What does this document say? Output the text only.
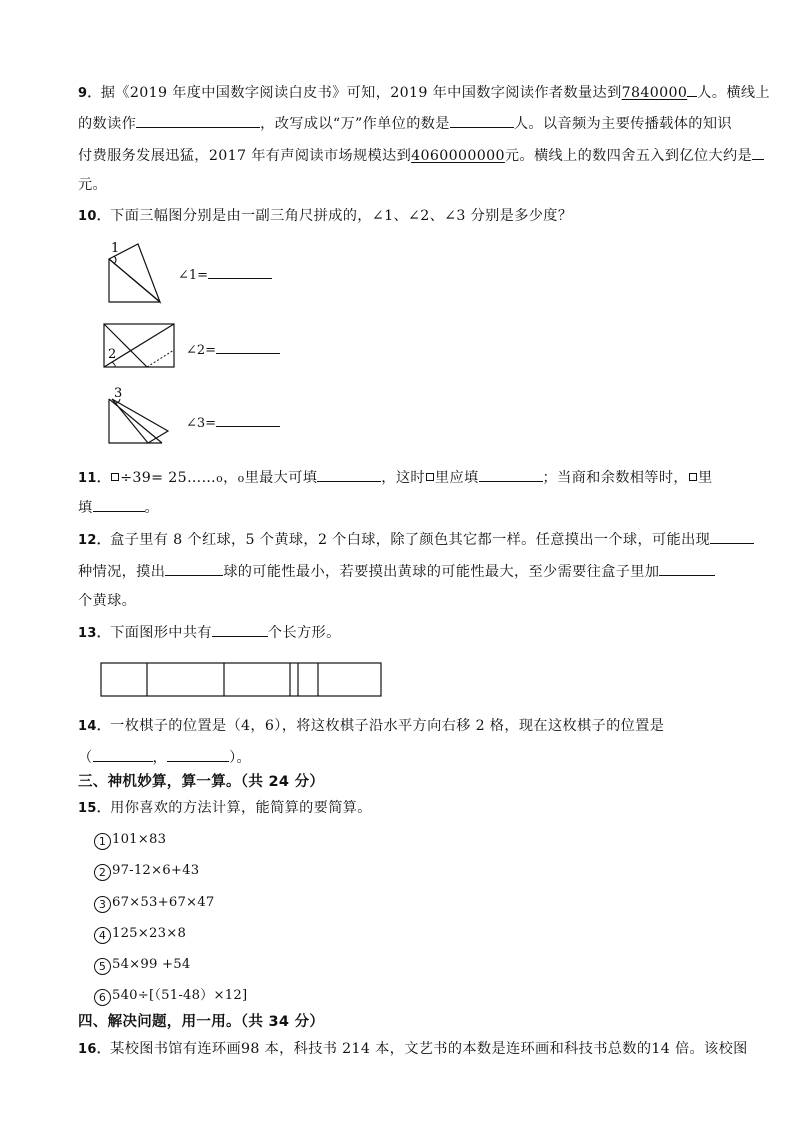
9．据《2019 年度中国数字阅读白皮书》可知，2019 年中国数字阅读作者数量达到7840000 人。横线上
的数读作	，改写成以“万”作单位的数是	人。以音频为主要传播载体的知识
付费服务发展迅猛，2017 年有声阅读市场规模达到4060000000元。横线上的数四舍五入到亿位大约是
元。
10．下面三幅图分别是由一副三角尺拼成的，∠1、∠2、∠3 分别是多少度？
1
∠1=
2	∠2=
3
∠3=
11． ÷39= 25……o，o里最大可填	，这时 里应填	；当商和余数相等时， 里
填	。
12．盒子里有 8 个红球，5 个黄球，2 个白球，除了颜色其它都一样。任意摸出一个球，可能出现
种情况，摸出	球的可能性最小，若要摸出黄球的可能性最大，至少需要往盒子里加
个黄球。
13．下面图形中共有	个长方形。
14．一枚棋子的位置是（4，6），将这枚棋子沿水平方向右移 2 格，现在这枚棋子的位置是
（	，	）。
三、神机妙算，算一算。（共 24 分）
15．用你喜欢的方法计算，能简算的要简算。
1 101×83
2 97-12×6+43
3 67×53+67×47
4 125×23×8
5 54×99 +54
6 540÷[（51-48）×12]
四、解决问题，用一用。（共 34 分）
16．某校图书馆有连环画98 本，科技书 214 本，文艺书的本数是连环画和科技书总数的14 倍。该校图
